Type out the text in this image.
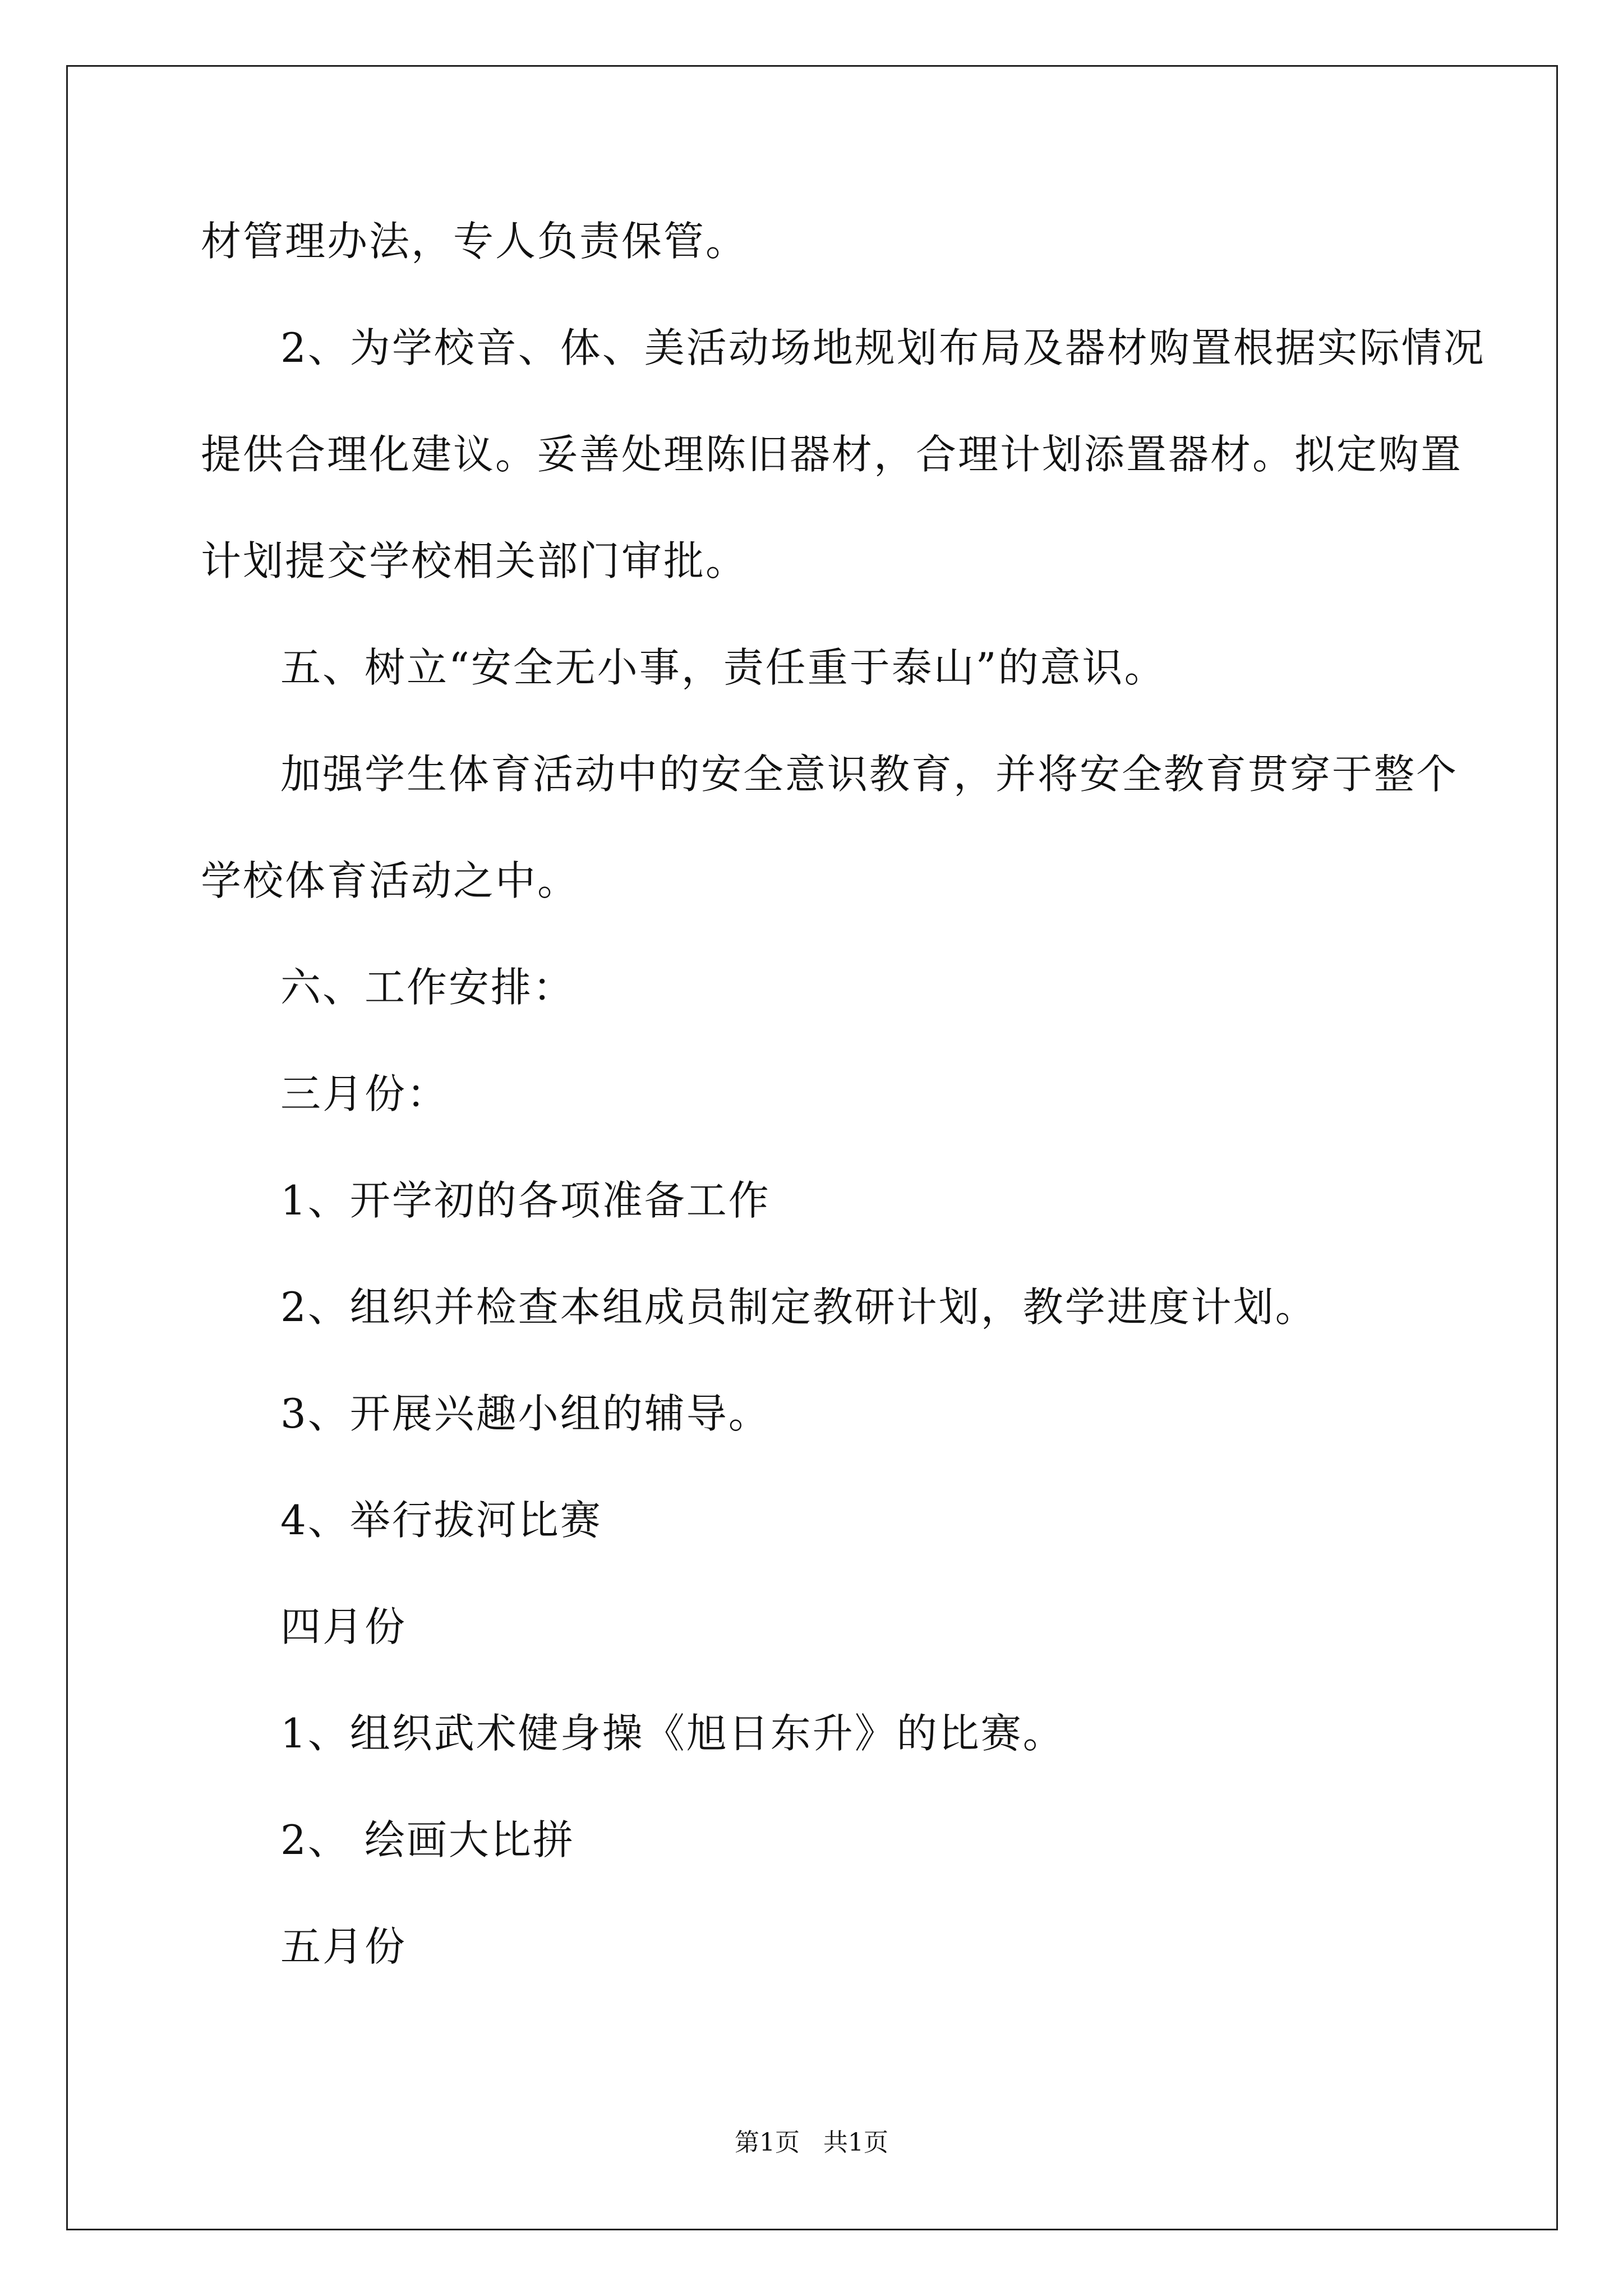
材管理办法，专人负责保管。
2、为学校音、体、美活动场地规划布局及器材购置根据实际情况
提供合理化建议。妥善处理陈旧器材，合理计划添置器材。拟定购置
计划提交学校相关部门审批。
五、树立“安全无小事，责任重于泰山”的意识。
加强学生体育活动中的安全意识教育，并将安全教育贯穿于整个
学校体育活动之中。
六、工作安排：
三月份：
1、开学初的各项准备工作
2、组织并检查本组成员制定教研计划，教学进度计划。
3、开展兴趣小组的辅导。
4、举行拔河比赛
四月份
1、组织武术健身操《旭日东升》的比赛。
2、 绘画大比拼
五月份
第1页 共1页
